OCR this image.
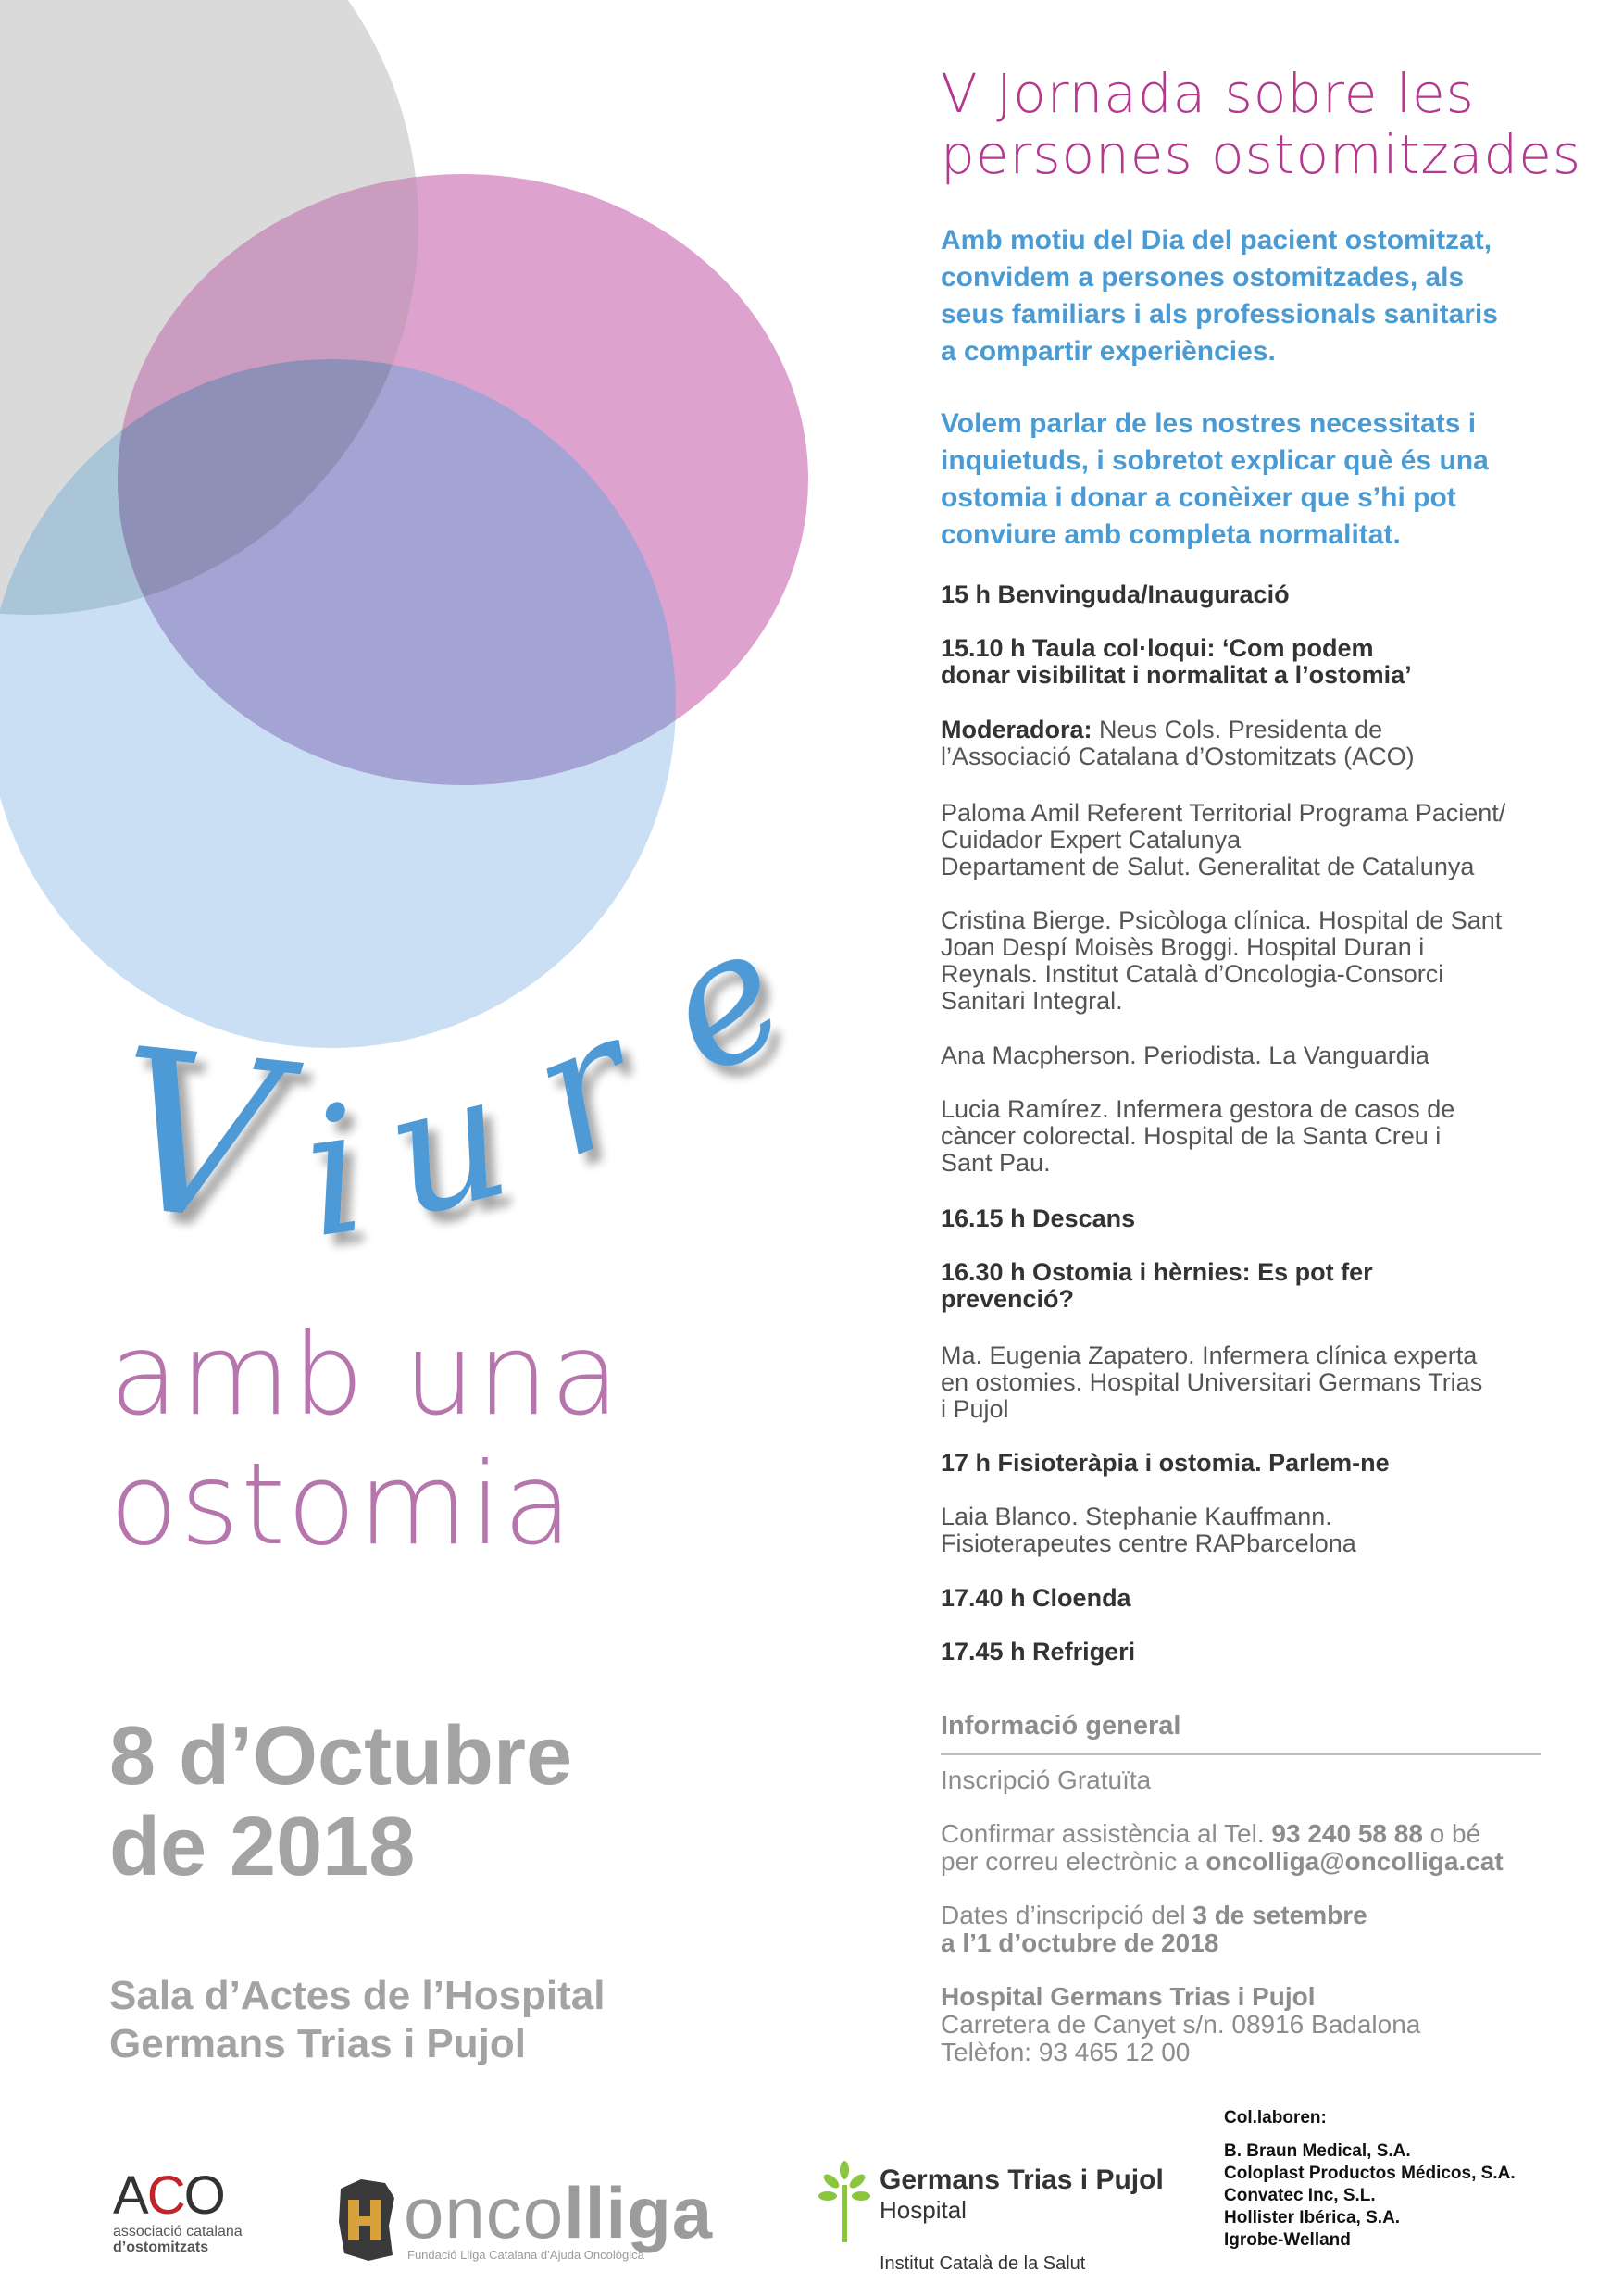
V i
u
r
e
V Jornada sobre les
persones ostomitzades
Amb motiu del Dia del pacient ostomitzat,
convidem a persones ostomitzades, als
seus familiars i als professionals sanitaris
a compartir experiències.
Volem parlar de les nostres necessitats i
inquietuds, i sobretot explicar què és una
ostomia i donar a conèixer que s’hi pot
conviure amb completa normalitat.

15 h Benvinguda/Inauguració

15.10 h Taula col·loqui: ‘Com podem

donar visibilitat i normalitat a l’ostomia’

Moderadora: Neus Cols. Presidenta de

l’Associació Catalana d’Ostomitzats (ACO)

Paloma Amil Referent Territorial Programa Pacient/

Cuidador Expert Catalunya

Departament de Salut. Generalitat de Catalunya

Cristina Bierge. Psicòloga clínica. Hospital de Sant

Joan Despí Moisès Broggi. Hospital Duran i

Reynals. Institut Català d’Oncologia-Consorci

Sanitari Integral.

Ana Macpherson. Periodista. La Vanguardia

Lucia Ramírez. Infermera gestora de casos de

càncer colorectal. Hospital de la Santa Creu i

Sant Pau.

16.15 h Descans

16.30 h Ostomia i hèrnies: Es pot fer

prevenció?

Ma. Eugenia Zapatero. Infermera clínica experta

en ostomies. Hospital Universitari Germans Trias

i Pujol

17 h Fisioteràpia i ostomia. Parlem-ne

Laia Blanco. Stephanie Kauffmann.

Fisioterapeutes centre RAPbarcelona

17.40 h Cloenda

17.45 h Refrigeri

amb una
ostomia
8 d’Octubre
de 2018
Sala d’Actes de l’Hospital
Germans Trias i Pujol
Informació general

Inscripció Gratuïta

Confirmar assistència al Tel. 93 240 58 88 o bé

per correu electrònic a oncolliga@oncolliga.cat

Dates d’inscripció del 3 de setembre

a l’1 d’octubre de 2018

Hospital Germans Trias i Pujol

Carretera de Canyet s/n. 08916 Badalona

Telèfon: 93 465 12 00

ACO
associació catalana
d’ostomitzats	oncolliga
Fundació Lliga Catalana d’Ajuda Oncològica
Germans Trias i Pujol
Hospital
Institut Català de la Salut

Col.laboren:

B. Braun Medical, S.A.

Coloplast Productos Médicos, S.A.

Convatec Inc, S.L.

Hollister Ibérica, S.A.

Igrobe-Welland
